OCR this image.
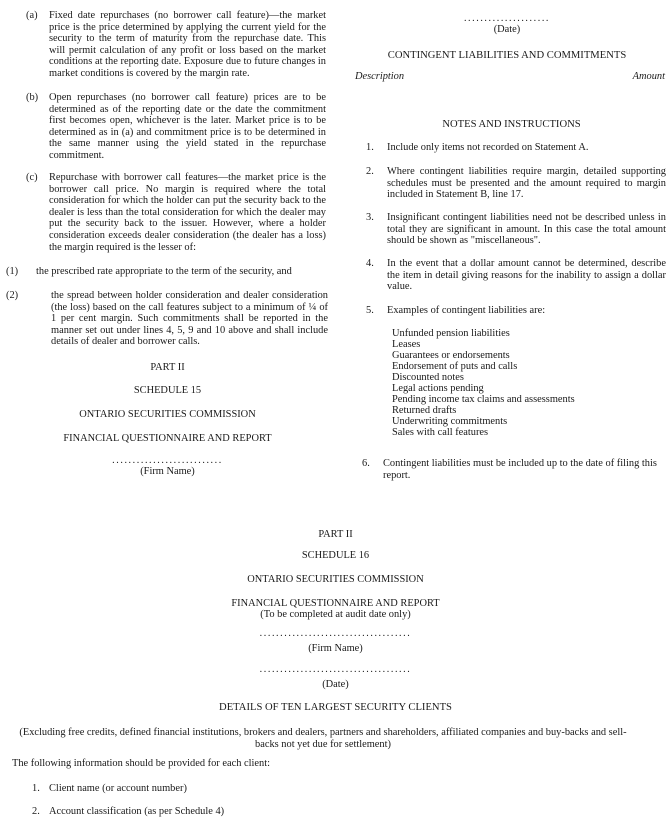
(a) Fixed date repurchases (no borrower call feature)—the market price is the price determined by applying the current yield for the security to the term of maturity from the repurchase date. This will permit calculation of any profit or loss based on the market conditions at the reporting date. Exposure due to future changes in market conditions is covered by the margin rate.
(b) Open repurchases (no borrower call feature) prices are to be determined as of the reporting date or the date the commitment first becomes open, whichever is the later. Market price is to be determined as in (a) and commitment price is to be determined in the same manner using the yield stated in the repurchase commitment.
(c) Repurchase with borrower call features—the market price is the borrower call price. No margin is required where the total consideration for which the holder can put the security back to the dealer is less than the total consideration for which the dealer may put the security back to the issuer. However, where a holder consideration exceeds dealer consideration (the dealer has a loss) the margin required is the lesser of:
(1) the prescribed rate appropriate to the term of the security, and
(2)	the spread between holder consideration and dealer consideration (the loss) based on the call features subject to a minimum of ¼ of 1 per cent margin. Such commitments shall be reported in the manner set out under lines 4, 5, 9 and 10 above and shall include details of dealer and borrower calls.
PART II
SCHEDULE 15
ONTARIO SECURITIES COMMISSION
FINANCIAL QUESTIONNAIRE AND REPORT
...........................
(Firm Name)
.....................
(Date)
CONTINGENT LIABILITIES AND COMMITMENTS
Description	Amount
NOTES AND INSTRUCTIONS
1. Include only items not recorded on Statement A.
2. Where contingent liabilities require margin, detailed supporting schedules must be presented and the amount required to margin included in Statement B, line 17.
3. Insignificant contingent liabilities need not be described unless in total they are significant in amount. In this case the total amount should be shown as "miscellaneous".
4. In the event that a dollar amount cannot be determined, describe the item in detail giving reasons for the inability to assign a dollar value.
5. Examples of contingent liabilities are:
Unfunded pension liabilities
Leases
Guarantees or endorsements
Endorsement of puts and calls
Discounted notes
Legal actions pending
Pending income tax claims and assessments
Returned drafts
Underwriting commitments
Sales with call features
6. Contingent liabilities must be included up to the date of filing this report.
PART II
SCHEDULE 16
ONTARIO SECURITIES COMMISSION
FINANCIAL QUESTIONNAIRE AND REPORT
(To be completed at audit date only)
.....................................
(Firm Name)
.....................................
(Date)
DETAILS OF TEN LARGEST SECURITY CLIENTS
(Excluding free credits, defined financial institutions, brokers and dealers, partners and shareholders, affiliated companies and buy-backs and sell-backs not yet due for settlement)
The following information should be provided for each client:
1. Client name (or account number)
2. Account classification (as per Schedule 4)
